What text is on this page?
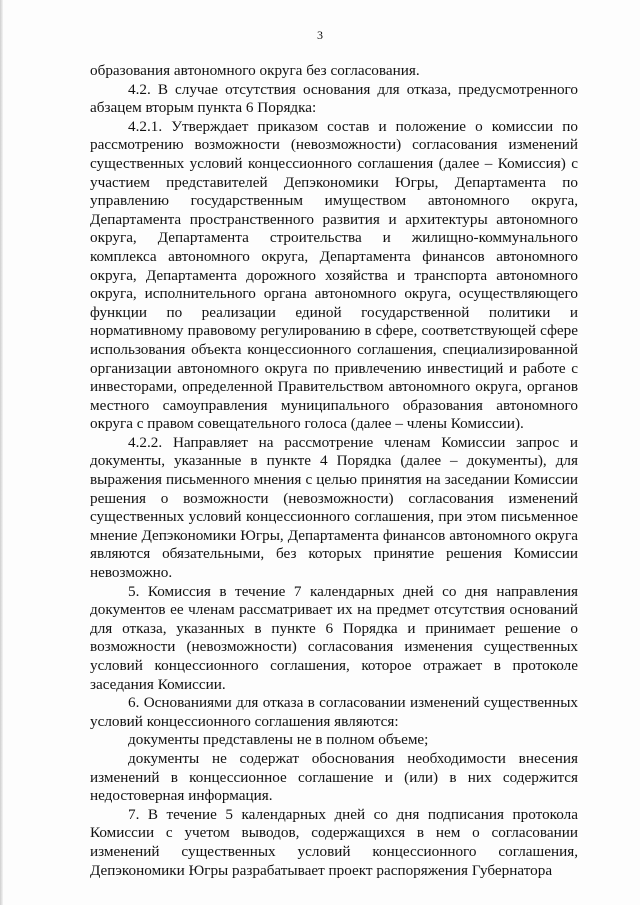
3

образования автономного округа без согласования.

4.2. В случае отсутствия основания для отказа, предусмотренного абзацем вторым пункта 6 Порядка:

4.2.1. Утверждает приказом состав и положение о комиссии по рассмотрению возможности (невозможности) согласования изменений существенных условий концессионного соглашения (далее – Комиссия) с участием представителей Депэкономики Югры, Департамента по управлению государственным имуществом автономного округа, Департамента пространственного развития и архитектуры автономного округа, Департамента строительства и жилищно-коммунального комплекса автономного округа, Департамента финансов автономного округа, Департамента дорожного хозяйства и транспорта автономного округа, исполнительного органа автономного округа, осуществляющего функции по реализации единой государственной политики и нормативному правовому регулированию в сфере, соответствующей сфере использования объекта концессионного соглашения, специализированной организации автономного округа по привлечению инвестиций и работе с инвесторами, определенной Правительством автономного округа, органов местного самоуправления муниципального образования автономного округа с правом совещательного голоса (далее – члены Комиссии).

4.2.2. Направляет на рассмотрение членам Комиссии запрос и документы, указанные в пункте 4 Порядка (далее – документы), для выражения письменного мнения с целью принятия на заседании Комиссии решения о возможности (невозможности) согласования изменений существенных условий концессионного соглашения, при этом письменное мнение Депэкономики Югры, Департамента финансов автономного округа являются обязательными, без которых принятие решения Комиссии невозможно.

5. Комиссия в течение 7 календарных дней со дня направления документов ее членам рассматривает их на предмет отсутствия оснований для отказа, указанных в пункте 6 Порядка и принимает решение о возможности (невозможности) согласования изменения существенных условий концессионного соглашения, которое отражает в протоколе заседания Комиссии.

6. Основаниями для отказа в согласовании изменений существенных условий концессионного соглашения являются:

документы представлены не в полном объеме;

документы не содержат обоснования необходимости внесения изменений в концессионное соглашение и (или) в них содержится недостоверная информация.

7. В течение 5 календарных дней со дня подписания протокола Комиссии с учетом выводов, содержащихся в нем о согласовании изменений существенных условий концессионного соглашения, Депэкономики Югры разрабатывает проект распоряжения Губернатора
